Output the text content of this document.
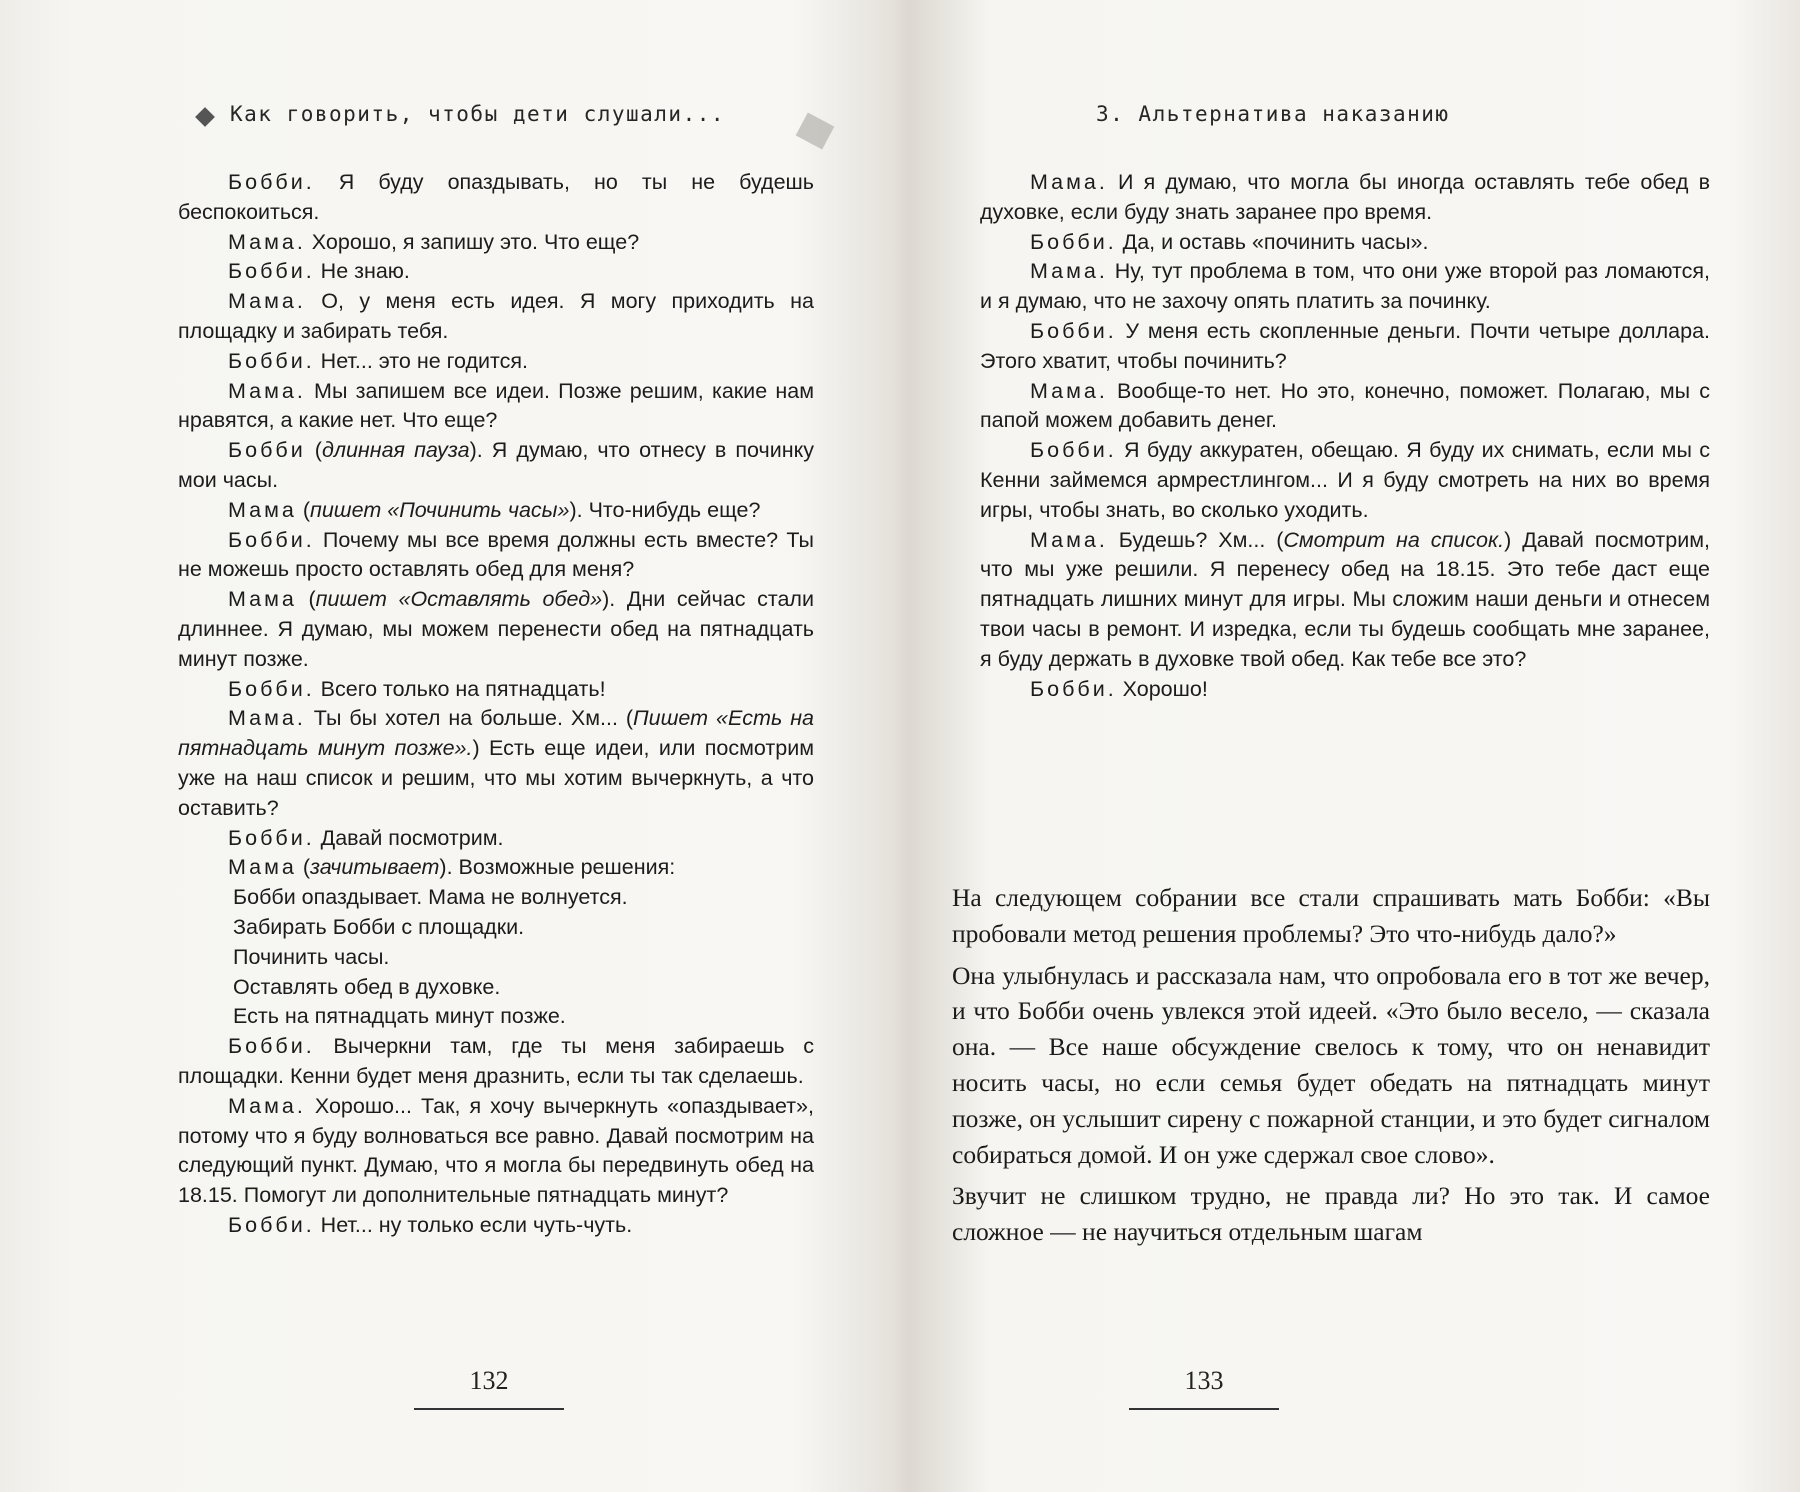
Как говорить, чтобы дети слушали...

Бобби. Я буду опаздывать, но ты не будешь беспокоиться.

Мама. Хорошо, я запишу это. Что еще?

Бобби. Не знаю.

Мама. О, у меня есть идея. Я могу приходить на площадку и забирать тебя.

Бобби. Нет... это не годится.

Мама. Мы запишем все идеи. Позже решим, какие нам нравятся, а какие нет. Что еще?

Бобби (длинная пауза). Я думаю, что отнесу в починку мои часы.

Мама (пишет «Починить часы»). Что-нибудь еще?

Бобби. Почему мы все время должны есть вместе? Ты не можешь просто оставлять обед для меня?

Мама (пишет «Оставлять обед»). Дни сейчас стали длиннее. Я думаю, мы можем перенести обед на пятнадцать минут позже.

Бобби. Всего только на пятнадцать!

Мама. Ты бы хотел на больше. Хм... (Пишет «Есть на пятнадцать минут позже».) Есть еще идеи, или посмотрим уже на наш список и решим, что мы хотим вычеркнуть, а что оставить?

Бобби. Давай посмотрим.

Мама (зачитывает). Возможные решения:

Бобби опаздывает. Мама не волнуется.

Забирать Бобби с площадки.

Починить часы.

Оставлять обед в духовке.

Есть на пятнадцать минут позже.

Бобби. Вычеркни там, где ты меня забираешь с площадки. Кенни будет меня дразнить, если ты так сделаешь.

Мама. Хорошо... Так, я хочу вычеркнуть «опаздывает», потому что я буду волноваться все равно. Давай посмотрим на следующий пункт. Думаю, что я могла бы передвинуть обед на 18.15. Помогут ли дополнительные пятнадцать минут?

Бобби. Нет... ну только если чуть-чуть.

132
3. Альтернатива наказанию

Мама. И я думаю, что могла бы иногда оставлять тебе обед в духовке, если буду знать заранее про время.

Бобби. Да, и оставь «починить часы».

Мама. Ну, тут проблема в том, что они уже второй раз ломаются, и я думаю, что не захочу опять платить за починку.

Бобби. У меня есть скопленные деньги. Почти четыре доллара. Этого хватит, чтобы починить?

Мама. Вообще-то нет. Но это, конечно, поможет. Полагаю, мы с папой можем добавить денег.

Бобби. Я буду аккуратен, обещаю. Я буду их снимать, если мы с Кенни займемся армрестлингом... И я буду смотреть на них во время игры, чтобы знать, во сколько уходить.

Мама. Будешь? Хм... (Смотрит на список.) Давай посмотрим, что мы уже решили. Я перенесу обед на 18.15. Это тебе даст еще пятнадцать лишних минут для игры. Мы сложим наши деньги и отнесем твои часы в ремонт. И изредка, если ты будешь сообщать мне заранее, я буду держать в духовке твой обед. Как тебе все это?

Бобби. Хорошо!

На следующем собрании все стали спрашивать мать Бобби: «Вы пробовали метод решения проблемы? Это что-нибудь дало?»

Она улыбнулась и рассказала нам, что опробовала его в тот же вечер, и что Бобби очень увлекся этой идеей. «Это было весело, — сказала она. — Все наше обсуждение свелось к тому, что он ненавидит носить часы, но если семья будет обедать на пятнадцать минут позже, он услышит сирену с пожарной станции, и это будет сигналом собираться домой. И он уже сдержал свое слово».

Звучит не слишком трудно, не правда ли? Но это так. И самое сложное — не научиться отдельным шагам

133
